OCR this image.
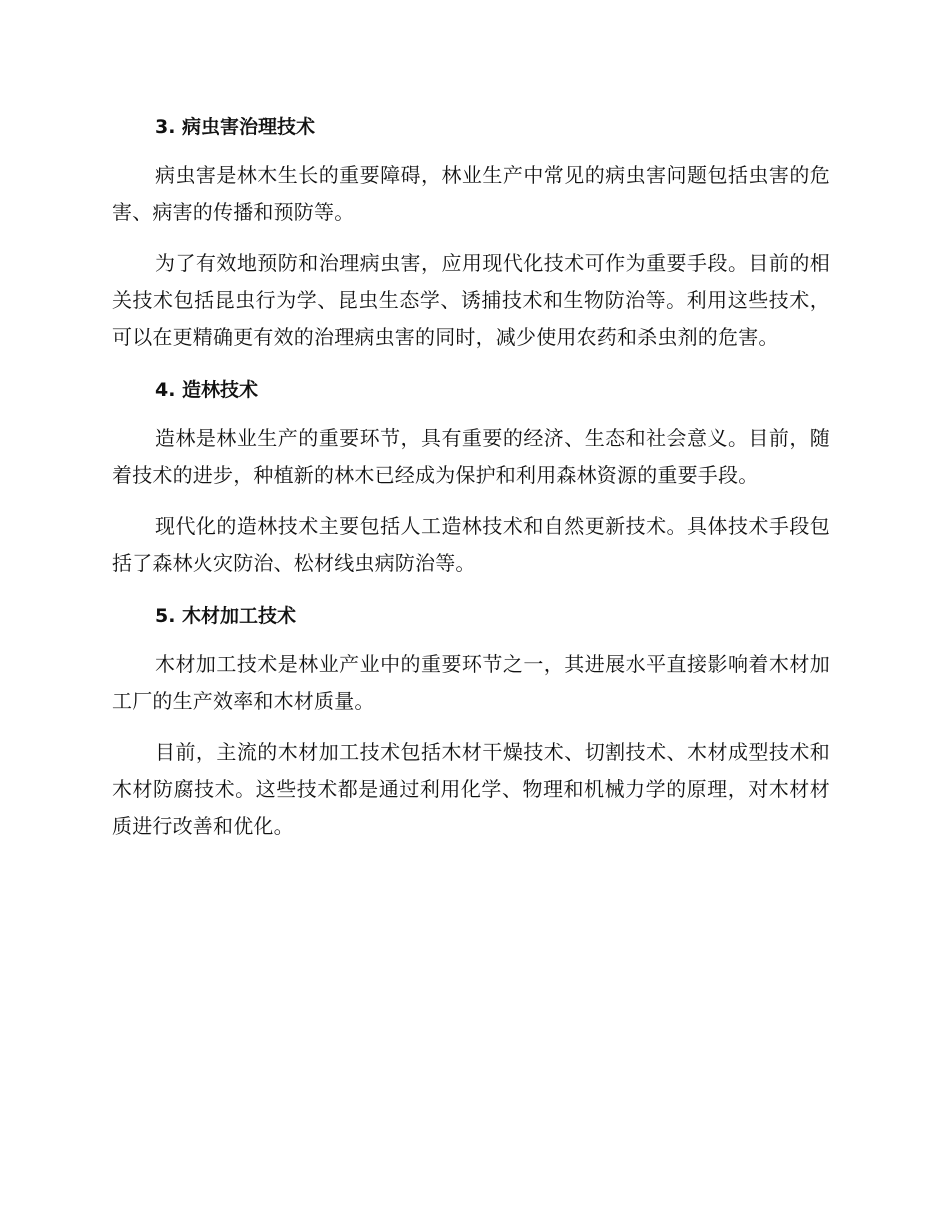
3. 病虫害治理技术

病虫害是林木生长的重要障碍，林业生产中常见的病虫害问题包括虫害的危害、病害的传播和预防等。

为了有效地预防和治理病虫害，应用现代化技术可作为重要手段。目前的相关技术包括昆虫行为学、昆虫生态学、诱捕技术和生物防治等。利用这些技术，可以在更精确更有效的治理病虫害的同时，减少使用农药和杀虫剂的危害。

4. 造林技术

造林是林业生产的重要环节，具有重要的经济、生态和社会意义。目前，随着技术的进步，种植新的林木已经成为保护和利用森林资源的重要手段。

现代化的造林技术主要包括人工造林技术和自然更新技术。具体技术手段包括了森林火灾防治、松材线虫病防治等。

5. 木材加工技术

木材加工技术是林业产业中的重要环节之一，其进展水平直接影响着木材加工厂的生产效率和木材质量。

目前，主流的木材加工技术包括木材干燥技术、切割技术、木材成型技术和木材防腐技术。这些技术都是通过利用化学、物理和机械力学的原理，对木材材质进行改善和优化。
